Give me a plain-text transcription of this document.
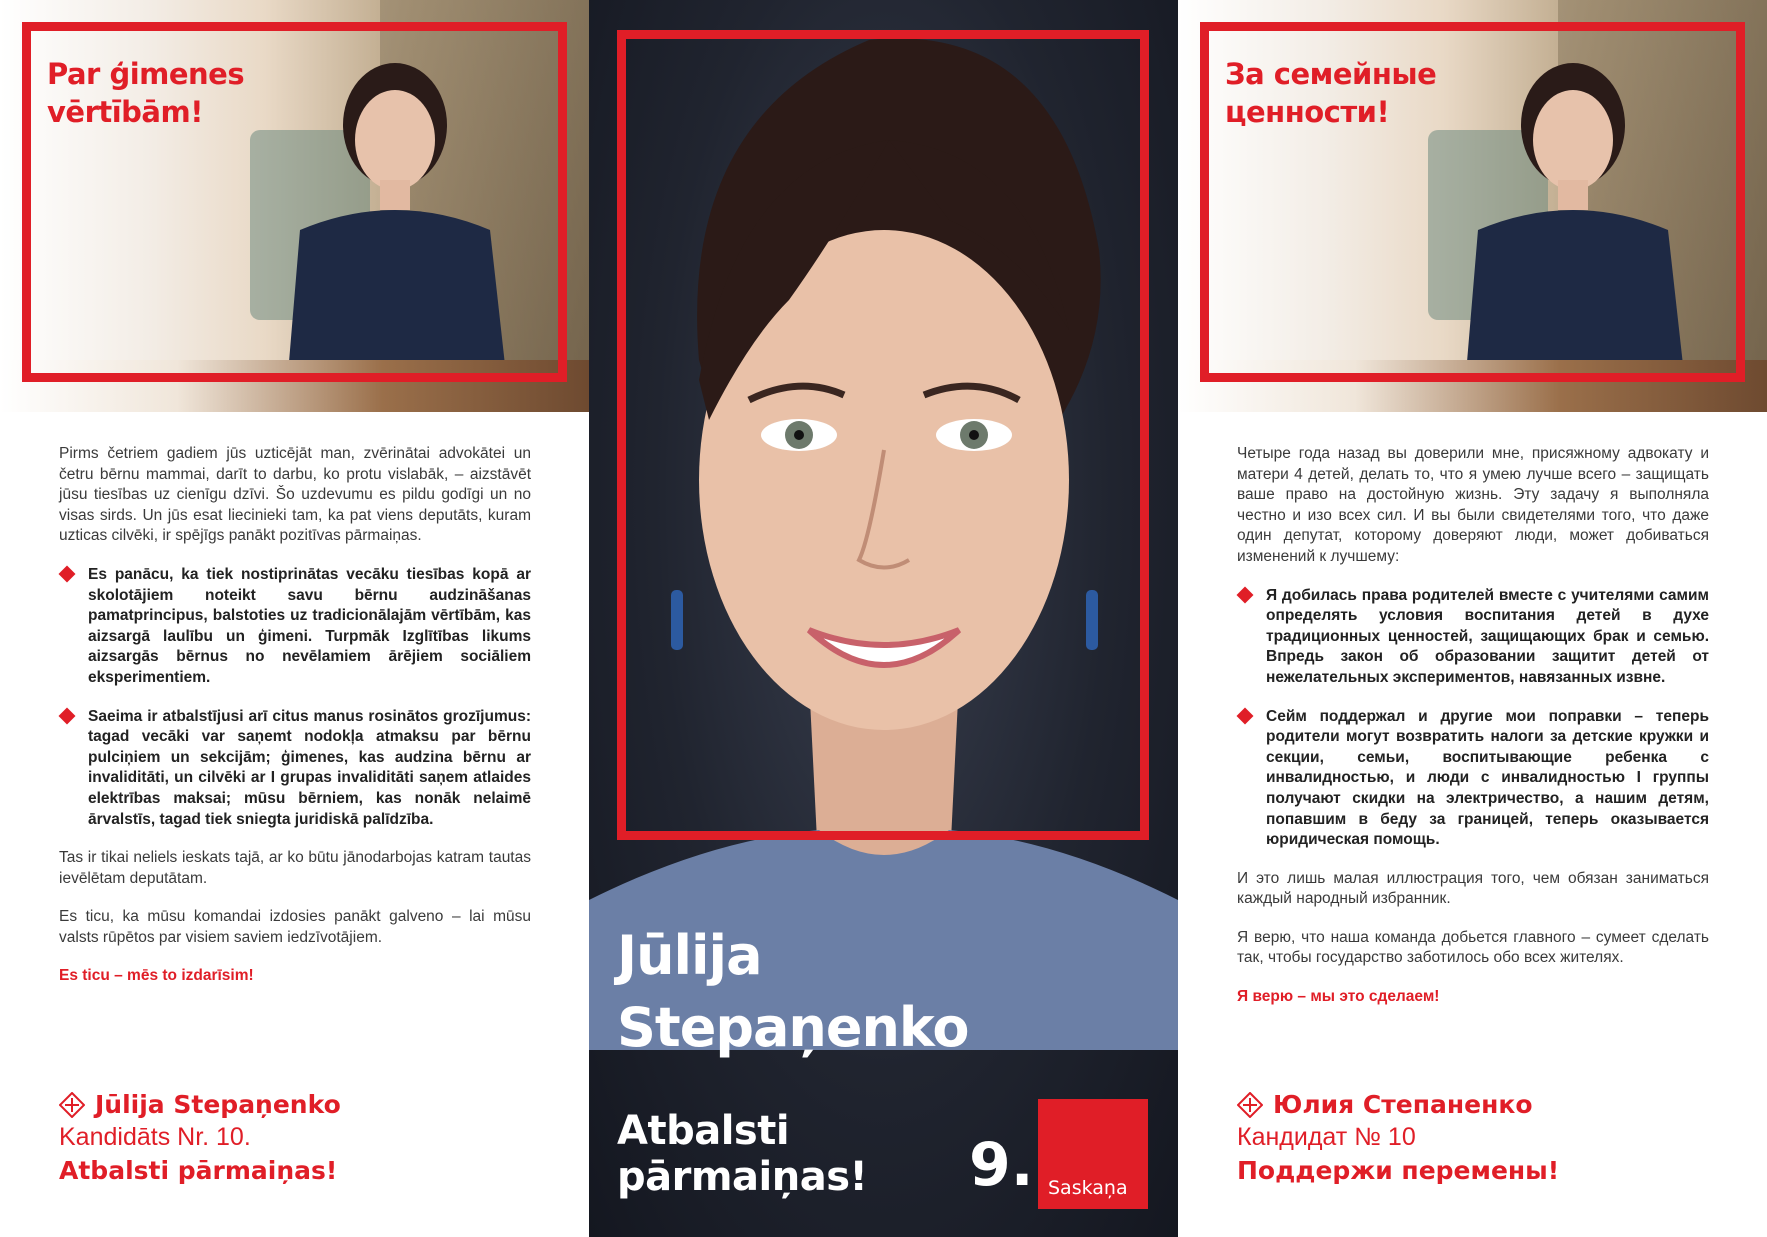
Par ģimenes
vērtībām!

Pirms četriem gadiem jūs uzticējāt man, zvērinātai advokātei un četru bērnu mammai, darīt to darbu, ko protu vislabāk, – aizstāvēt jūsu tiesības uz cienīgu dzīvi. Šo uzdevumu es pildu godīgi un no visas sirds. Un jūs esat liecinieki tam, ka pat viens deputāts, kuram uzticas cilvēki, ir spējīgs panākt pozitīvas pārmaiņas.

Es panācu, ka tiek nostiprinātas vecāku tiesības kopā ar skolotājiem noteikt savu bērnu audzināšanas pamatprincipus, balstoties uz tradicionālajām vērtībām, kas aizsargā laulību un ģimeni. Turpmāk Izglītības likums aizsargās bērnus no nevēlamiem ārējiem sociāliem eksperimentiem.
Saeima ir atbalstījusi arī citus manus rosinātos grozījumus: tagad vecāki var saņemt nodokļa atmaksu par bērnu pulciņiem un sekcijām; ģimenes, kas audzina bērnu ar invaliditāti, un cilvēki ar I grupas invaliditāti saņem atlaides elektrības maksai; mūsu bērniem, kas nonāk nelaimē ārvalstīs, tagad tiek sniegta juridiskā palīdzība.

Tas ir tikai neliels ieskats tajā, ar ko būtu jānodarbojas katram tautas ievēlētam deputātam.

Es ticu, ka mūsu komandai izdosies panākt galveno – lai mūsu valsts rūpētos par visiem saviem iedzīvotājiem.

Es ticu – mēs to izdarīsim!

Jūlija Stepaņenko
Kandidāts Nr. 10.
Atbalsti pārmaiņas!
Jūlija
Stepaņenko
Atbalsti
pārmaiņas! 9. Saskaņa
За семейные
ценности!

Четыре года назад вы доверили мне, присяжному адвокату и матери 4 детей, делать то, что я умею лучше всего – защищать ваше право на достойную жизнь. Эту задачу я выполняла честно и изо всех сил. И вы были свидетелями того, что даже один депутат, которому доверяют люди, может добиваться изменений к лучшему:

Я добилась права родителей вместе с учителями самим определять условия воспитания детей в духе традиционных ценностей, защищающих брак и семью. Впредь закон об образовании защитит детей от нежелательных экспериментов, навязанных извне.
Сейм поддержал и другие мои поправки – теперь родители могут возвратить налоги за детские кружки и секции, семьи, воспитывающие ребенка с инвалидностью, и люди с инвалидностью I группы получают скидки на электричество, а нашим детям, попавшим в беду за границей, теперь оказывается юридическая помощь.

И это лишь малая иллюстрация того, чем обязан заниматься каждый народный избранник.

Я верю, что наша команда добьется главного – сумеет сделать так, чтобы государство заботилось обо всех жителях.

Я верю – мы это сделаем!

Юлия Степаненко
Кандидат № 10
Поддержи перемены!
